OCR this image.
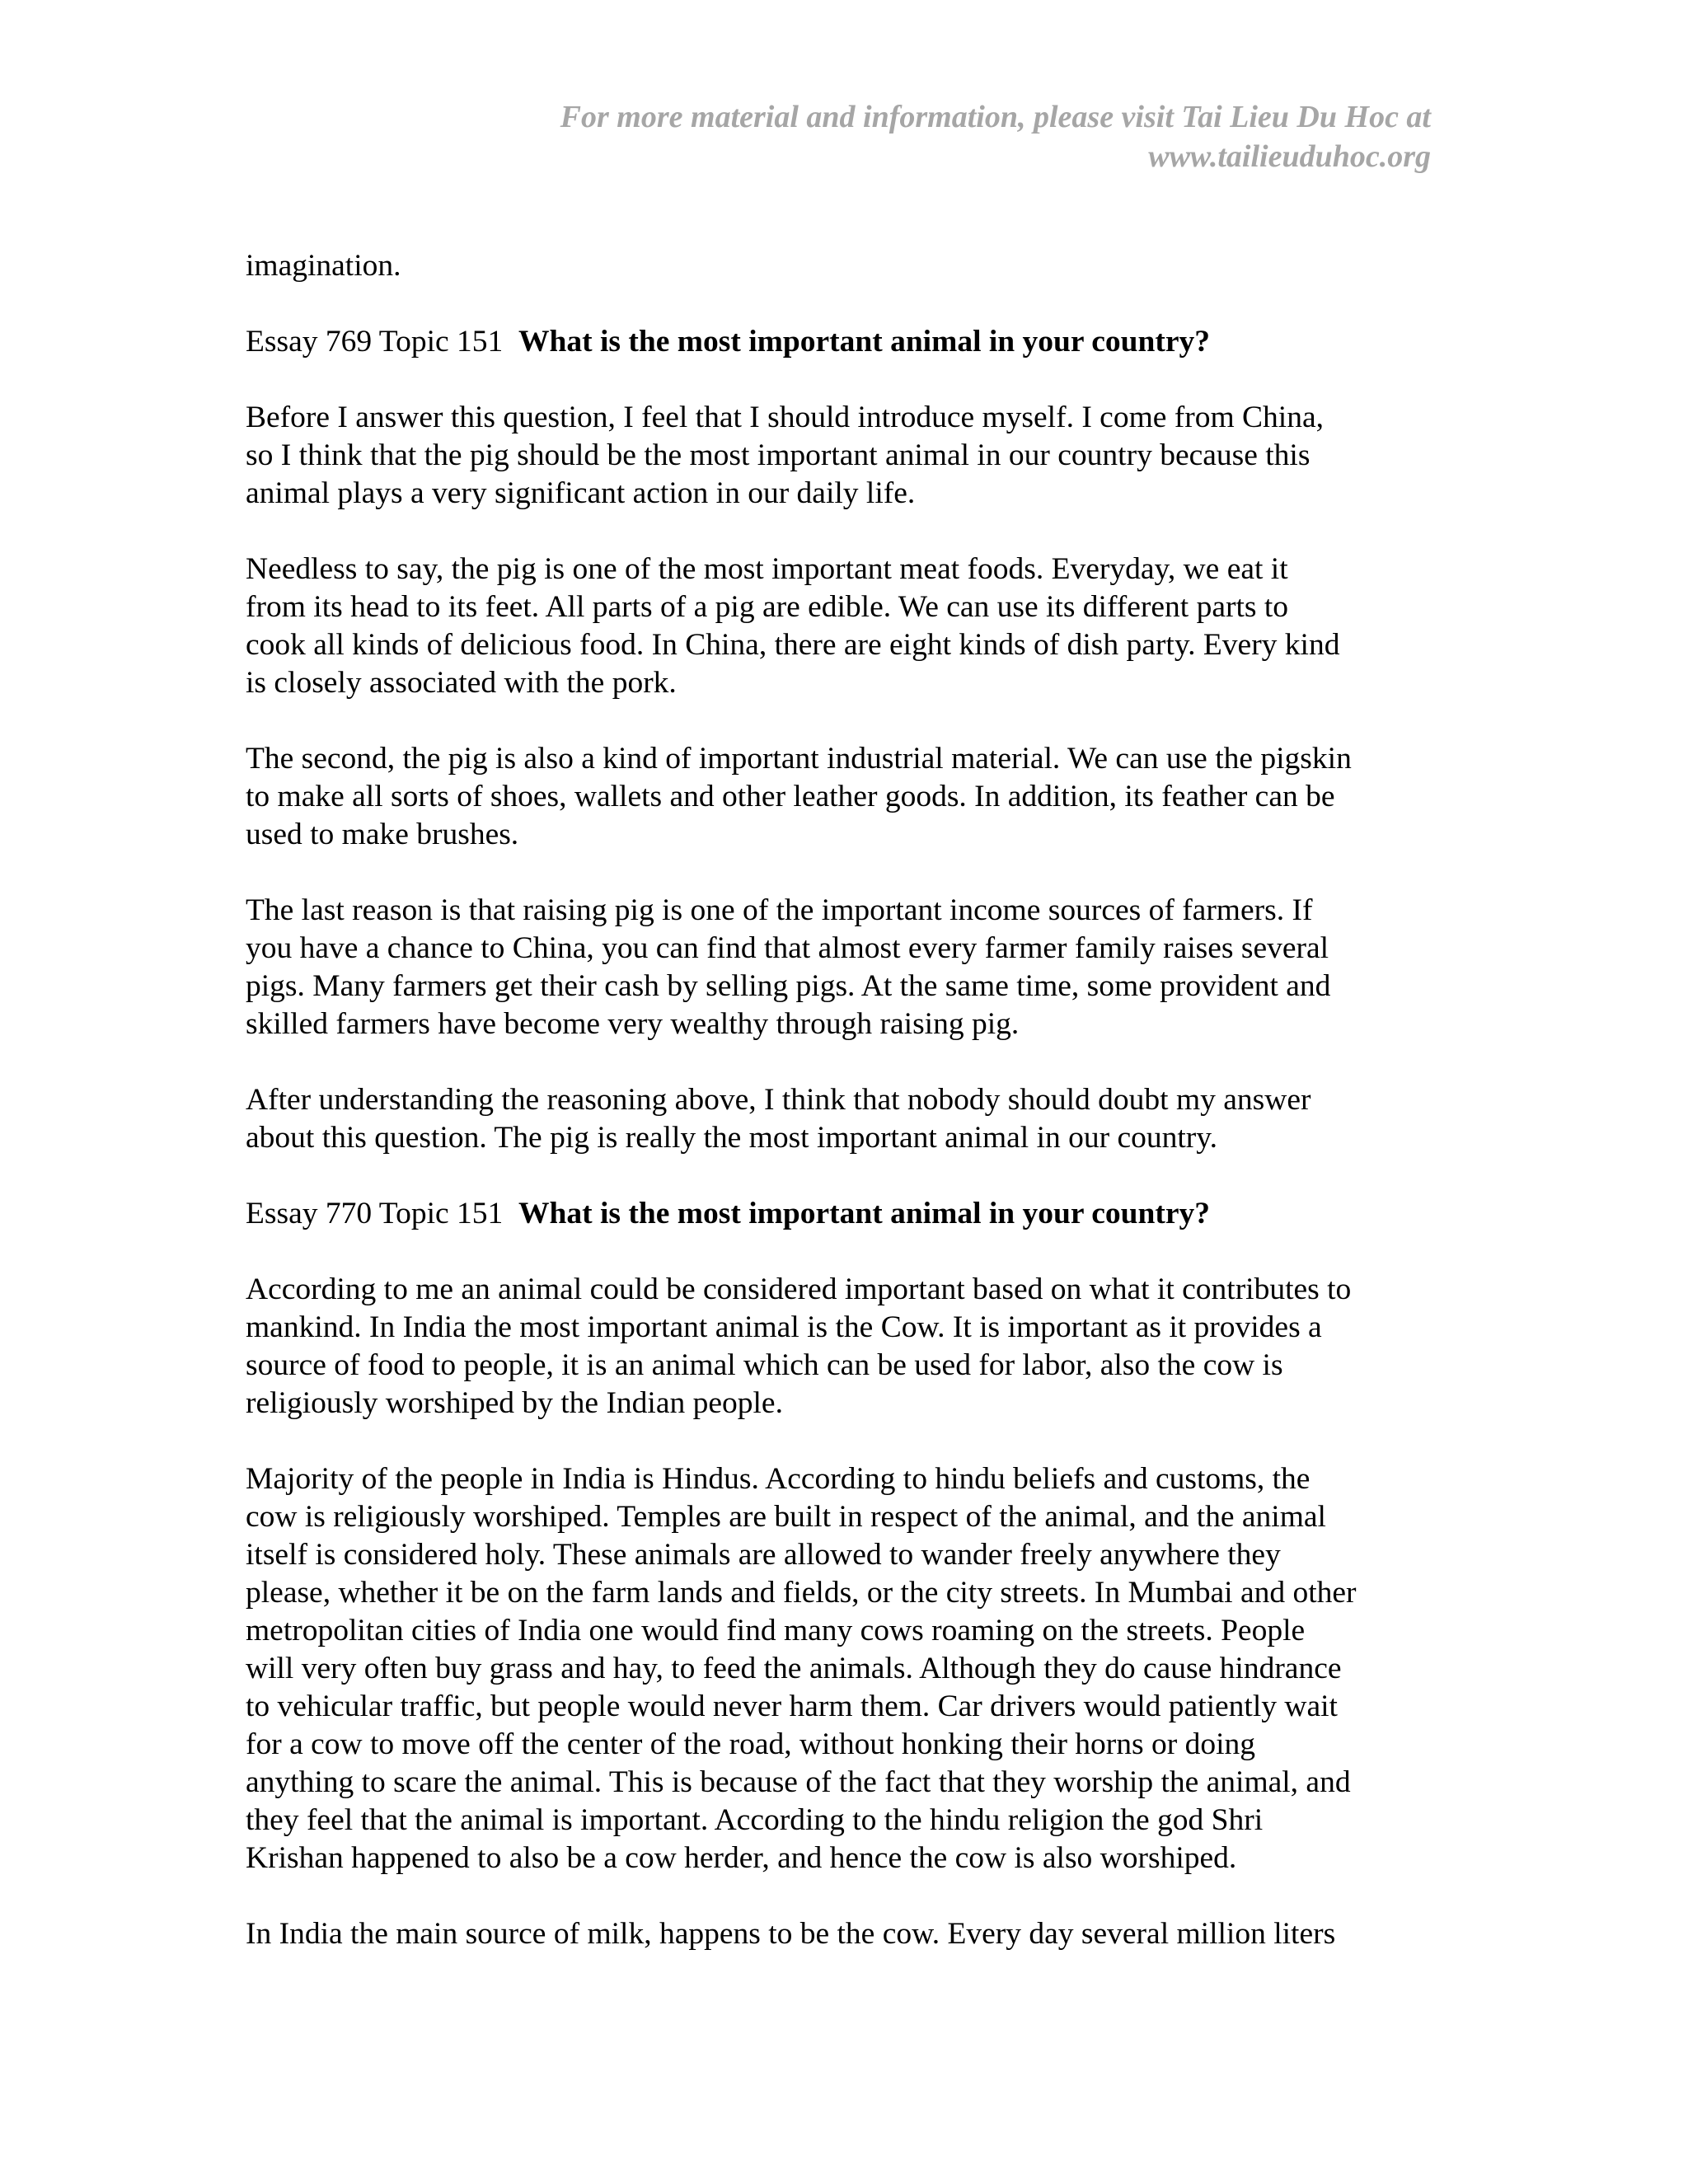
For more material and information, please visit Tai Lieu Du Hoc at
www.tailieuduhoc.org
imagination.
Essay 769 Topic 151 What is the most important animal in your country?
Before I answer this question, I feel that I should introduce myself. I come from China,
so I think that the pig should be the most important animal in our country because this
animal plays a very significant action in our daily life.
Needless to say, the pig is one of the most important meat foods. Everyday, we eat it
from its head to its feet. All parts of a pig are edible. We can use its different parts to
cook all kinds of delicious food. In China, there are eight kinds of dish party. Every kind
is closely associated with the pork.
The second, the pig is also a kind of important industrial material. We can use the pigskin
to make all sorts of shoes, wallets and other leather goods. In addition, its feather can be
used to make brushes.
The last reason is that raising pig is one of the important income sources of farmers. If
you have a chance to China, you can find that almost every farmer family raises several
pigs. Many farmers get their cash by selling pigs. At the same time, some provident and
skilled farmers have become very wealthy through raising pig.
After understanding the reasoning above, I think that nobody should doubt my answer
about this question. The pig is really the most important animal in our country.
Essay 770 Topic 151 What is the most important animal in your country?
According to me an animal could be considered important based on what it contributes to
mankind. In India the most important animal is the Cow. It is important as it provides a
source of food to people, it is an animal which can be used for labor, also the cow is
religiously worshiped by the Indian people.
Majority of the people in India is Hindus. According to hindu beliefs and customs, the
cow is religiously worshiped. Temples are built in respect of the animal, and the animal
itself is considered holy. These animals are allowed to wander freely anywhere they
please, whether it be on the farm lands and fields, or the city streets. In Mumbai and other
metropolitan cities of India one would find many cows roaming on the streets. People
will very often buy grass and hay, to feed the animals. Although they do cause hindrance
to vehicular traffic, but people would never harm them. Car drivers would patiently wait
for a cow to move off the center of the road, without honking their horns or doing
anything to scare the animal. This is because of the fact that they worship the animal, and
they feel that the animal is important. According to the hindu religion the god Shri
Krishan happened to also be a cow herder, and hence the cow is also worshiped.
In India the main source of milk, happens to be the cow. Every day several million liters
